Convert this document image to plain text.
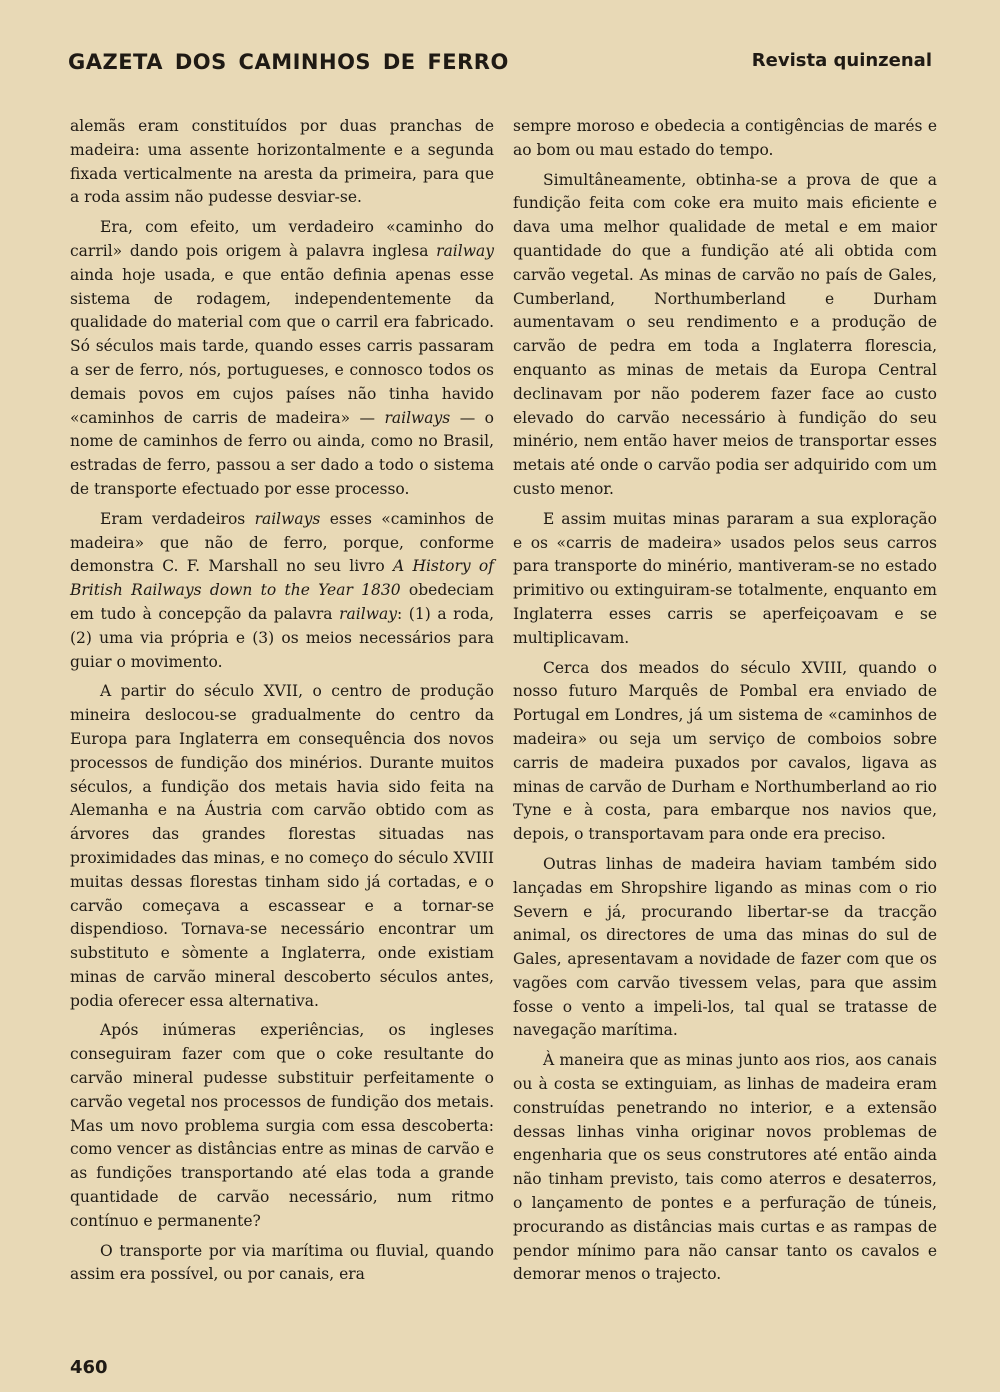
GAZETA DOS CAMINHOS DE FERRO	Revista quinzenal

alemãs eram constituídos por duas pranchas de madeira: uma assente horizontalmente e a segunda fixada verticalmente na aresta da primeira, para que a roda assim não pudesse desviar-se.

Era, com efeito, um verdadeiro «caminho do carril» dando pois origem à palavra inglesa railway ainda hoje usada, e que então definia apenas esse sistema de rodagem, independentemente da qualidade do material com que o carril era fabricado. Só séculos mais tarde, quando esses carris passaram a ser de ferro, nós, portugueses, e connosco todos os demais povos em cujos países não tinha havido «caminhos de carris de madeira» — railways — o nome de caminhos de ferro ou ainda, como no Brasil, estradas de ferro, passou a ser dado a todo o sistema de transporte efectuado por esse processo.

Eram verdadeiros railways esses «caminhos de madeira» que não de ferro, porque, conforme demonstra C. F. Marshall no seu livro A History of British Railways down to the Year 1830 obedeciam em tudo à concepção da palavra railway: (1) a roda, (2) uma via própria e (3) os meios necessários para guiar o movimento.

A partir do século XVII, o centro de produção mineira deslocou-se gradualmente do centro da Europa para Inglaterra em consequência dos novos processos de fundição dos minérios. Durante muitos séculos, a fundição dos metais havia sido feita na Alemanha e na Áustria com carvão obtido com as árvores das grandes florestas situadas nas proximidades das minas, e no começo do século XVIII muitas dessas florestas tinham sido já cortadas, e o carvão começava a escassear e a tornar-se dispendioso. Tornava-se necessário encontrar um substituto e sòmente a Inglaterra, onde existiam minas de carvão mineral descoberto séculos antes, podia oferecer essa alternativa.

Após inúmeras experiências, os ingleses conseguiram fazer com que o coke resultante do carvão mineral pudesse substituir perfeitamente o carvão vegetal nos processos de fundição dos metais. Mas um novo problema surgia com essa descoberta: como vencer as distâncias entre as minas de carvão e as fundições transportando até elas toda a grande quantidade de carvão necessário, num ritmo contínuo e permanente?

O transporte por via marítima ou fluvial, quando assim era possível, ou por canais, era

sempre moroso e obedecia a contigências de marés e ao bom ou mau estado do tempo.

Simultâneamente, obtinha-se a prova de que a fundição feita com coke era muito mais eficiente e dava uma melhor qualidade de metal e em maior quantidade do que a fundição até ali obtida com carvão vegetal. As minas de carvão no país de Gales, Cumberland, Northumberland e Durham aumentavam o seu rendimento e a produção de carvão de pedra em toda a Inglaterra florescia, enquanto as minas de metais da Europa Central declinavam por não poderem fazer face ao custo elevado do carvão necessário à fundição do seu minério, nem então haver meios de transportar esses metais até onde o carvão podia ser adquirido com um custo menor.

E assim muitas minas pararam a sua exploração e os «carris de madeira» usados pelos seus carros para transporte do minério, mantiveram-se no estado primitivo ou extinguiram-se totalmente, enquanto em Inglaterra esses carris se aperfeiçoavam e se multiplicavam.

Cerca dos meados do século XVIII, quando o nosso futuro Marquês de Pombal era enviado de Portugal em Londres, já um sistema de «caminhos de madeira» ou seja um serviço de comboios sobre carris de madeira puxados por cavalos, ligava as minas de carvão de Durham e Northumberland ao rio Tyne e à costa, para embarque nos navios que, depois, o transportavam para onde era preciso.

Outras linhas de madeira haviam também sido lançadas em Shropshire ligando as minas com o rio Severn e já, procurando libertar-se da tracção animal, os directores de uma das minas do sul de Gales, apresentavam a novidade de fazer com que os vagões com carvão tivessem velas, para que assim fosse o vento a impeli-los, tal qual se tratasse de navegação marítima.

À maneira que as minas junto aos rios, aos canais ou à costa se extinguiam, as linhas de madeira eram construídas penetrando no interior, e a extensão dessas linhas vinha originar novos problemas de engenharia que os seus construtores até então ainda não tinham previsto, tais como aterros e desaterros, o lançamento de pontes e a perfuração de túneis, procurando as distâncias mais curtas e as rampas de pendor mínimo para não cansar tanto os cavalos e demorar menos o trajecto.

460
